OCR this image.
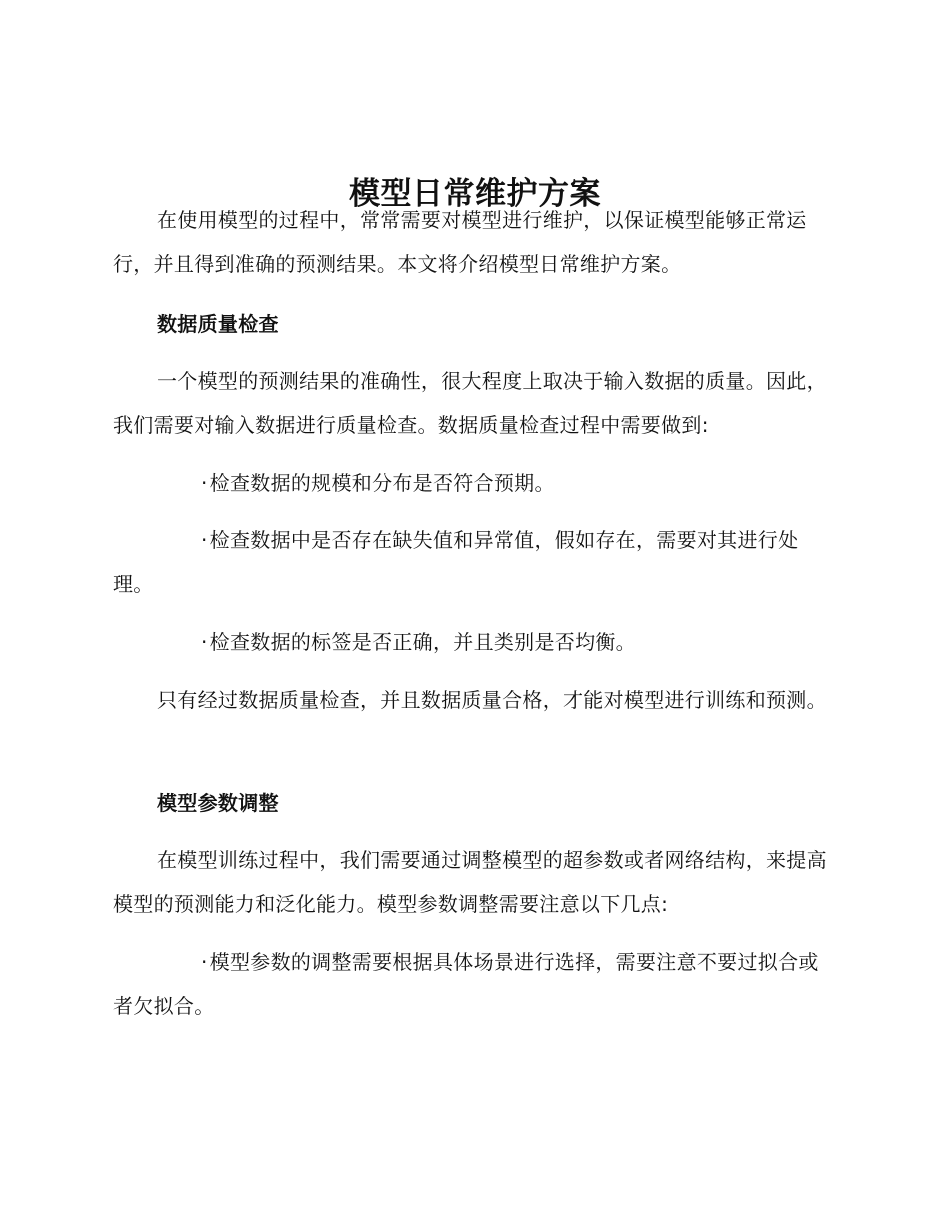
模型日常维护方案

在使用模型的过程中，常常需要对模型进行维护，以保证模型能够正常运行，并且得到准确的预测结果。本文将介绍模型日常维护方案。

数据质量检查

一个模型的预测结果的准确性，很大程度上取决于输入数据的质量。因此，我们需要对输入数据进行质量检查。数据质量检查过程中需要做到:

· 检查数据的规模和分布是否符合预期。

· 检查数据中是否存在缺失值和异常值，假如存在，需要对其进行处理。

· 检查数据的标签是否正确，并且类别是否均衡。

只有经过数据质量检查，并且数据质量合格，才能对模型进行训练和预测。

模型参数调整

在模型训练过程中，我们需要通过调整模型的超参数或者网络结构，来提高模型的预测能力和泛化能力。模型参数调整需要注意以下几点:

· 模型参数的调整需要根据具体场景进行选择，需要注意不要过拟合或者欠拟合。
